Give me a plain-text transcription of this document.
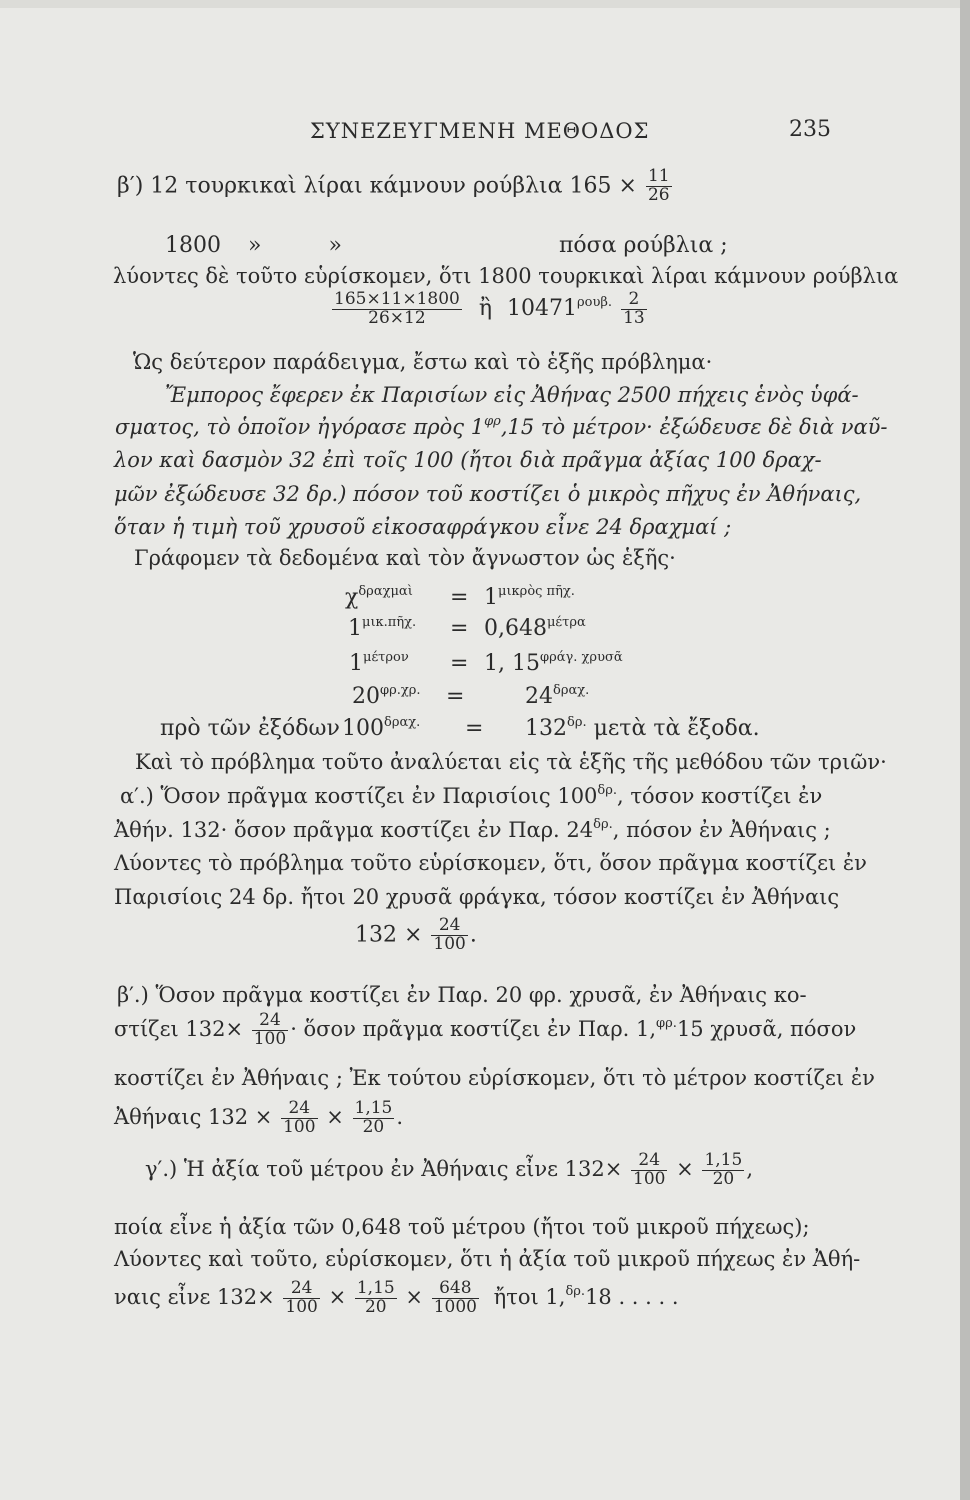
ΣΥΝΕΖΕΥΓΜΕΝΗ ΜΕΘΟΔΟΣ	235
β′) 12 τουρκικαὶ λίραι κάμνουν ρούβλια $165 \times \frac{11}{26}$
1800 »	»	πόσα ρούβλια ;
λύοντες δὲ τοῦτο εὑρίσκομεν, ὅτι 1800 τουρκικαὶ λίραι κάμνουν ρούβλια
$\frac{165\times 11\times 1800}{26\times 12}$ ἢ $10471^{\rho o\upsilon\beta.} \frac{2}{13}$
Ὡς δεύτερον παράδειγμα, ἔστω καὶ τὸ ἑξῆς πρόβλημα·
Ἔμπορος ἔφερεν ἐκ Παρισίων εἰς Ἀθήνας 2500 πήχεις ἑνὸς ὑφά-
σματος, τὸ ὁποῖον ἠγόρασε πρὸς $1^{\varphi\rho},15$ τὸ μέτρον· ἐξώδευσε δὲ διὰ ναῦ-
λον καὶ δασμὸν 32 ἐπὶ τοῖς 100 (ἤτοι διὰ πρᾶγμα ἀξίας 100 δραχ-
μῶν ἐξώδευσε 32 δρ.) πόσον τοῦ κοστίζει ὁ μικρὸς πῆχυς ἐν Ἀθήναις,
ὅταν ἡ τιμὴ τοῦ χρυσοῦ εἰκοσαφράγκου εἶνε 24 δραχμαί ;
Γράφομεν τὰ δεδομένα καὶ τὸν ἄγνωστον ὡς ἑξῆς·
$\chi^{\delta\rho\alpha\chi\mu\alpha ὶ} = 1^{\mu\iota\kappa\rho ὸ\varsigma \pi ῆ\chi.}$
$1^{\mu\iota\kappa.\pi ῆ\chi.} = 0,648^{\mu έ\tau\rho\alpha}$
$1^{\mu έ\tau\rho o\nu} = 1$, $15^{\varphi\rho ά\gamma. \chi\rho\upsilon\sigma ᾶ}$
$20^{\varphi\rho.\chi\rho.}$ =	$24^{\delta\rho\alpha\chi.}$
πρὸ τῶν ἐξόδων $100^{\delta\rho\alpha\chi.} = 132^{\delta\rho.}$ μετὰ τὰ ἔξοδα.
Καὶ τὸ πρόβλημα τοῦτο ἀναλύεται εἰς τὰ ἑξῆς τῆς μεθόδου τῶν τριῶν·
α′.) Ὅσον πρᾶγμα κοστίζει ἐν Παρισίοις $100^{\delta\rho.}$, τόσον κοστίζει ἐν
Ἀθήν. 132· ὅσον πρᾶγμα κοστίζει ἐν Παρ. $24^{\delta\rho.}$, πόσον ἐν Ἀθήναις ;
Λύοντες τὸ πρόβλημα τοῦτο εὑρίσκομεν, ὅτι, ὅσον πρᾶγμα κοστίζει ἐν
Παρισίοις 24 δρ. ἤτοι 20 χρυσᾶ φράγκα, τόσον κοστίζει ἐν Ἀθήναις
$132 \times \frac{24}{100}$ .
β′.) Ὅσον πρᾶγμα κοστίζει ἐν Παρ. 20 φρ. χρυσᾶ, ἐν Ἀθήναις κο-
στίζει $132\times \frac{24}{100}$ · ὅσον πρᾶγμα κοστίζει ἐν Παρ. 1,$^{\varphi\rho.}$15 χρυσᾶ, πόσον
κοστίζει ἐν Ἀθήναις ; Ἐκ τούτου εὑρίσκομεν, ὅτι τὸ μέτρον κοστίζει ἐν
Ἀθήναις $132 \times \frac{24}{100} \times \frac{1,15}{20}$ .
γ′.) Ἡ ἀξία τοῦ μέτρου ἐν Ἀθήναις εἶνε $132\times \frac{24}{100} \times \frac{1,15}{20}$ ,
ποία εἶνε ἡ ἀξία τῶν 0,648 τοῦ μέτρου (ἤτοι τοῦ μικροῦ πήχεως);
Λύοντες καὶ τοῦτο, εὑρίσκομεν, ὅτι ἡ ἀξία τοῦ μικροῦ πήχεως ἐν Ἀθή-
ναις εἶνε $132\times \frac{24}{100} \times \frac{1,15}{20} \times \frac{648}{1000}$ ἤτοι 1,$^{\delta\rho.}$18 . . . . .
